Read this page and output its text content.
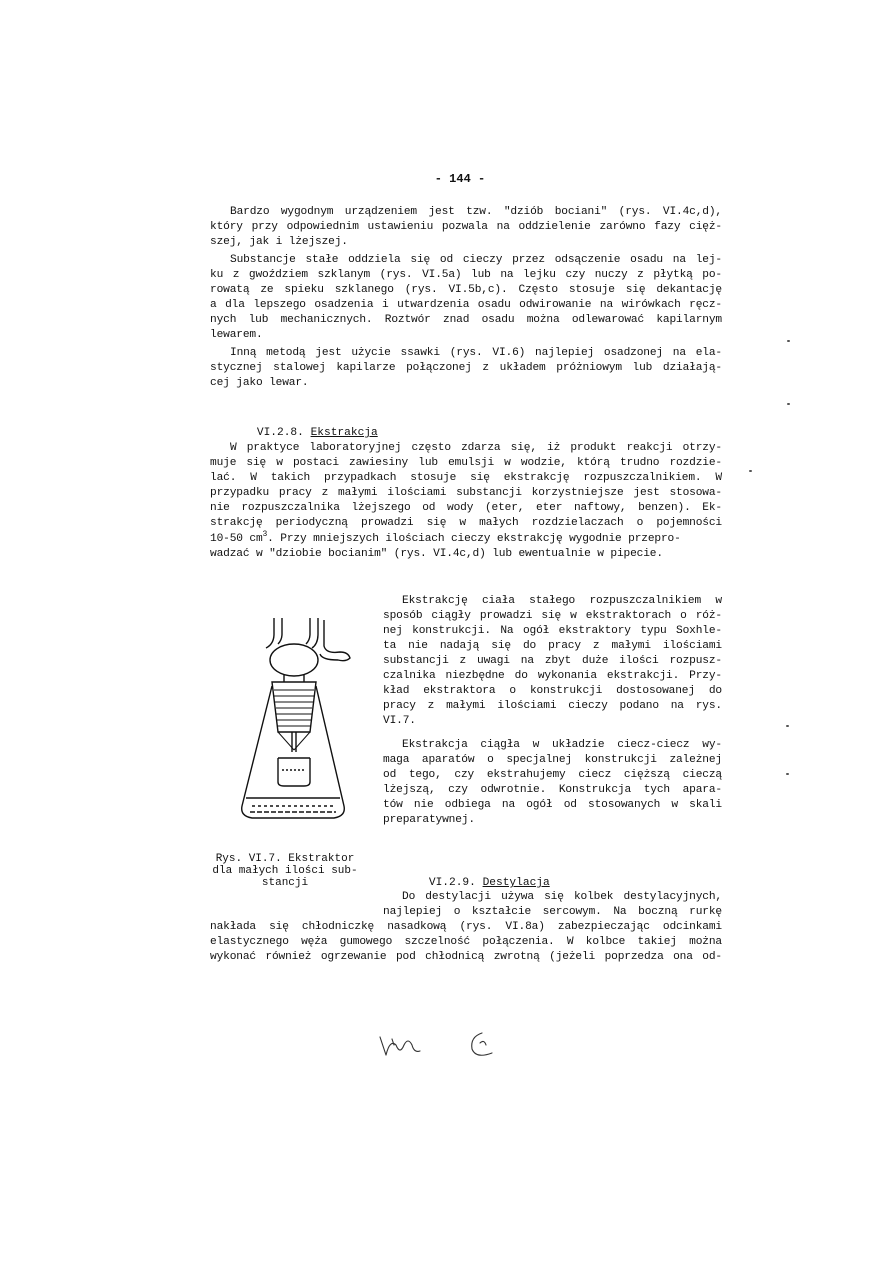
- 144 -
Bardzo wygodnym urządzeniem jest tzw. "dziób bociani" (rys. VI.4c,d),
który przy odpowiednim ustawieniu pozwala na oddzielenie zarówno fazy cięż-
szej, jak i lżejszej.
Substancje stałe oddziela się od cieczy przez odsączenie osadu na lej-
ku z gwoździem szklanym (rys. VI.5a) lub na lejku czy nuczy z płytką po-
rowatą ze spieku szklanego (rys. VI.5b,c). Często stosuje się dekantację
a dla lepszego osadzenia i utwardzenia osadu odwirowanie na wirówkach ręcz-
nych lub mechanicznych. Roztwór znad osadu można odlewarować kapilarnym
lewarem.
Inną metodą jest użycie ssawki (rys. VI.6) najlepiej osadzonej na ela-
stycznej stalowej kapilarze połączonej z układem próżniowym lub działają-
cej jako lewar.

VI.2.8. Ekstrakcja

W praktyce laboratoryjnej często zdarza się, iż produkt reakcji otrzy-
muje się w postaci zawiesiny lub emulsji w wodzie, którą trudno rozdzie-
lać. W takich przypadkach stosuje się ekstrakcję rozpuszczalnikiem. W
przypadku pracy z małymi ilościami substancji korzystniejsze jest stosowa-
nie rozpuszczalnika lżejszego od wody (eter, eter naftowy, benzen). Ek-
strakcję periodyczną prowadzi się w małych rozdzielaczach o pojemności
10-50 $cm^3$. Przy mniejszych ilościach cieczy ekstrakcję wygodnie przepro-
wadzać w "dziobie bocianim" (rys. VI.4c,d) lub ewentualnie w pipecie.
Ekstrakcję ciała stałego rozpuszczalnikiem w
sposób ciągły prowadzi się w ekstraktorach o róż-
nej konstrukcji. Na ogół ekstraktory typu Soxhle-
ta nie nadają się do pracy z małymi ilościami
substancji z uwagi na zbyt duże ilości rozpusz-
czalnika niezbędne do wykonania ekstrakcji. Przy-
kład ekstraktora o konstrukcji dostosowanej do
pracy z małymi ilościami cieczy podano na rys.
VI.7.
Ekstrakcja ciągła w układzie ciecz-ciecz wy-
maga aparatów o specjalnej konstrukcji zależnej
od tego, czy ekstrahujemy ciecz cięższą cieczą
lżejszą, czy odwrotnie. Konstrukcja tych apara-
tów nie odbiega na ogół od stosowanych w skali
preparatywnej.
Rys. VI.7. Ekstraktor
dla małych ilości sub-
stancji	VI.2.9. Destylacja

Do destylacji używa się kolbek destylacyjnych,
najlepiej o kształcie sercowym. Na boczną rurkę
nakłada się chłodniczkę nasadkową (rys. VI.8a) zabezpieczając odcinkami
elastycznego węża gumowego szczelność połączenia. W kolbce takiej można
wykonać również ogrzewanie pod chłodnicą zwrotną (jeżeli poprzedza ona od-
